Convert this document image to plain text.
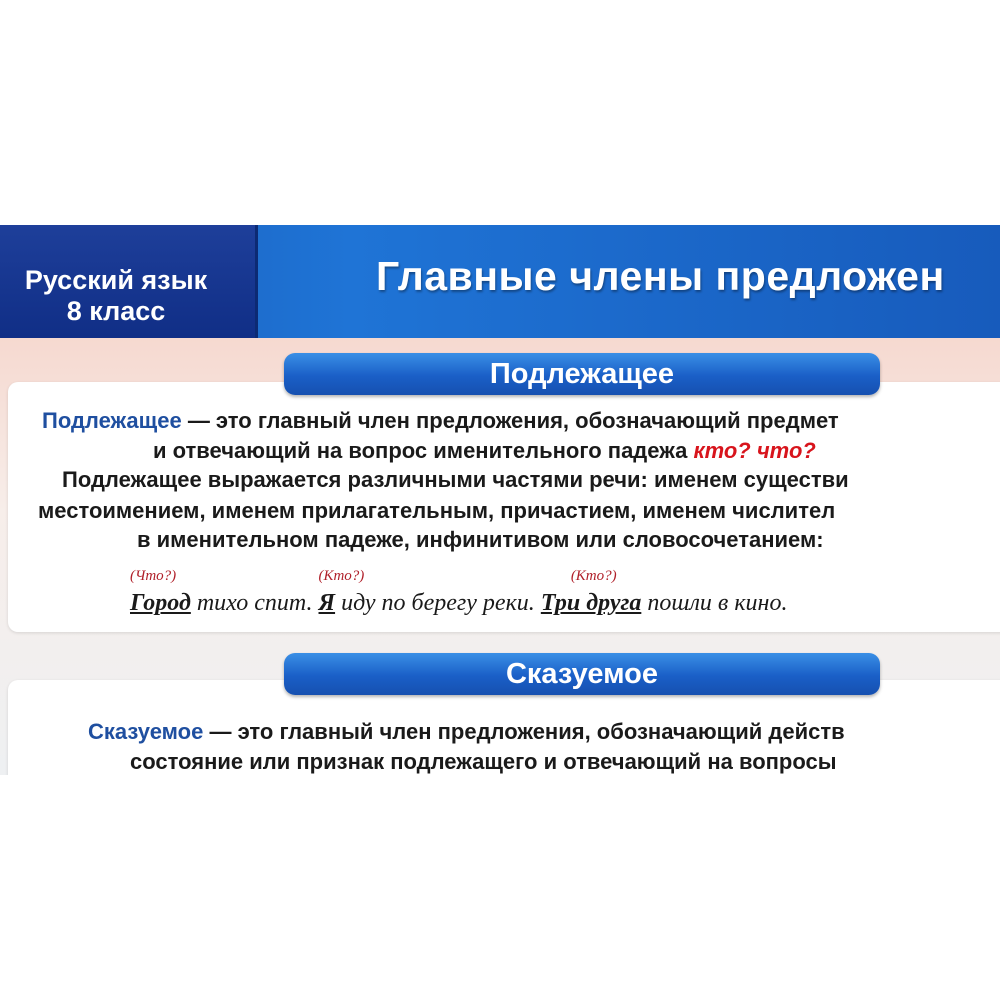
Русский язык
8 класс
Главные члены предложен
Подлежащее
Подлежащее — это главный член предложения, обозначающий предмет
и отвечающий на вопрос именительного падежа кто? что?
Подлежащее выражается различными частями речи: именем существи
местоимением, именем прилагательным, причастием, именем числител
в именительном падеже, инфинитивом или словосочетанием:
(Что?)
Город тихо спит.
(Кто?)
Я иду по берегу реки.
(Кто?)
Три друга пошли в кино.
Сказуемое
Сказуемое — это главный член предложения, обозначающий действ
состояние или признак подлежащего и отвечающий на вопросы
